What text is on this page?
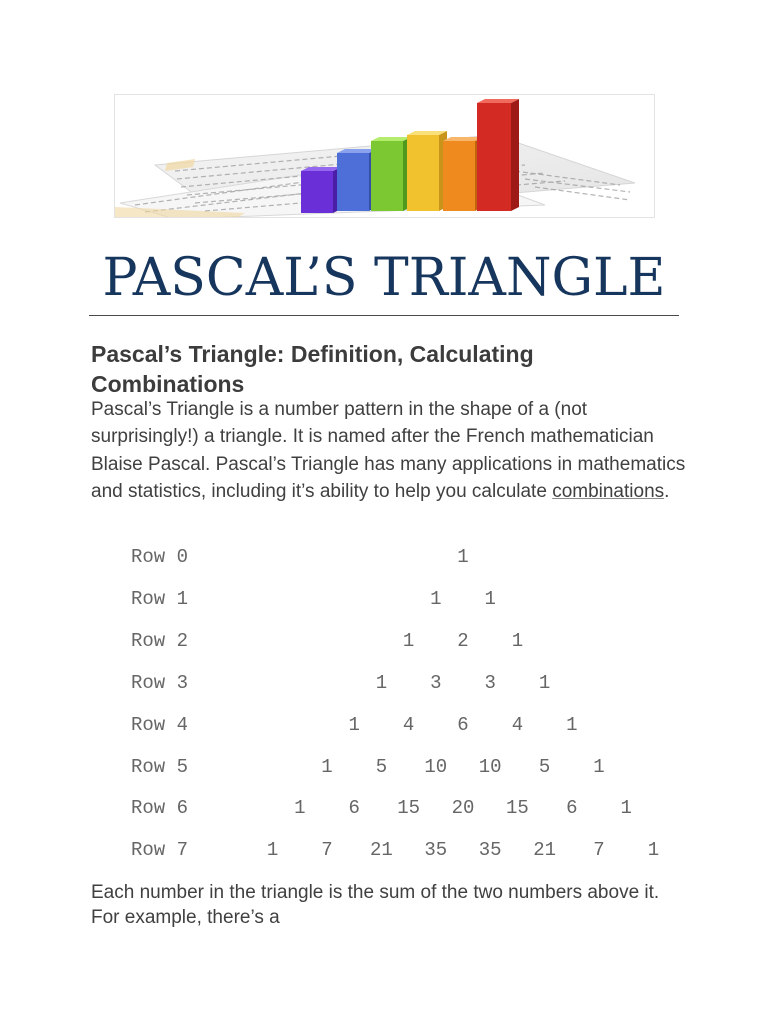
PASCAL’S TRIANGLE
Pascal’s Triangle: Definition, Calculating Combinations

Pascal’s Triangle is a number pattern in the shape of a (not surprisingly!) a triangle. It is named after the French mathematician Blaise Pascal. Pascal’s Triangle has many applications in mathematics and statistics, including it’s ability to help you calculate combinations.

Row 0	1
Row 1	1	1
Row 2	1	2	1
Row 3	1	3	3	1
Row 4	1	4	6	4	1
Row 5	1	5	10	10	5	1
Row 6	1	6	15	20	15	6	1
Row 7	1	7	21	35	35	21	7	1

Each number in the triangle is the sum of the two numbers above it. For example, there’s a
